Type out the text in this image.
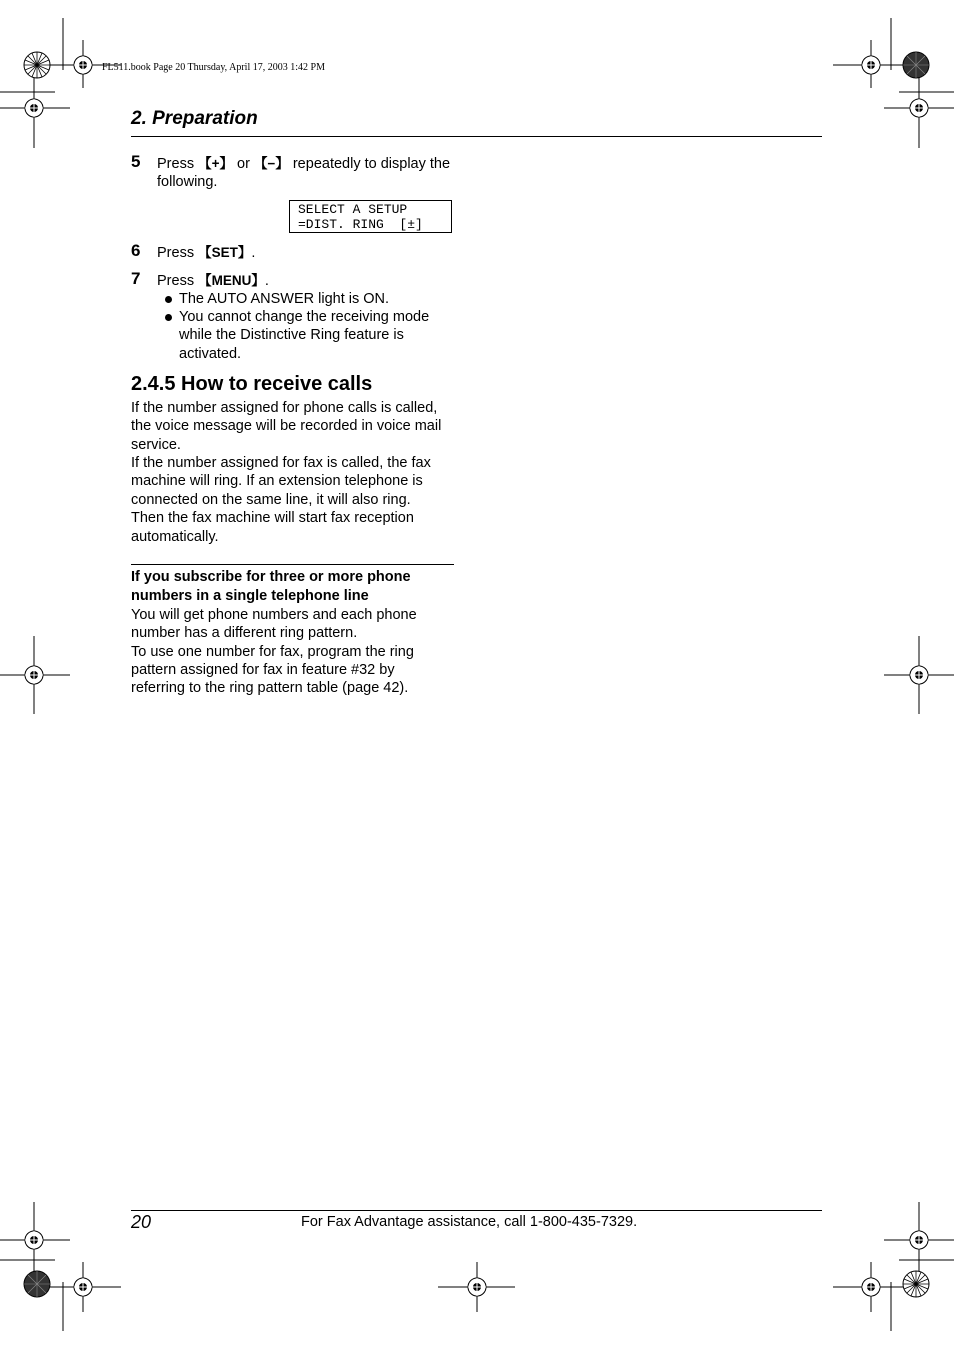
FL511.book Page 20 Thursday, April 17, 2003 1:42 PM
2. Preparation
5 Press 【+】 or 【−】 repeatedly to display the
following.
SELECT A SETUP
=DIST. RING  [±]
6 Press 【SET】.
7 Press 【MENU】.
The AUTO ANSWER light is ON.
You cannot change the receiving mode
while the Distinctive Ring feature is
activated.
2.4.5 How to receive calls
If the number assigned for phone calls is called,
the voice message will be recorded in voice mail
service.
If the number assigned for fax is called, the fax
machine will ring. If an extension telephone is
connected on the same line, it will also ring.
Then the fax machine will start fax reception
automatically.
If you subscribe for three or more phone
numbers in a single telephone line
You will get phone numbers and each phone
number has a different ring pattern.
To use one number for fax, program the ring
pattern assigned for fax in feature #32 by
referring to the ring pattern table (page 42).
20	For Fax Advantage assistance, call 1-800-435-7329.
